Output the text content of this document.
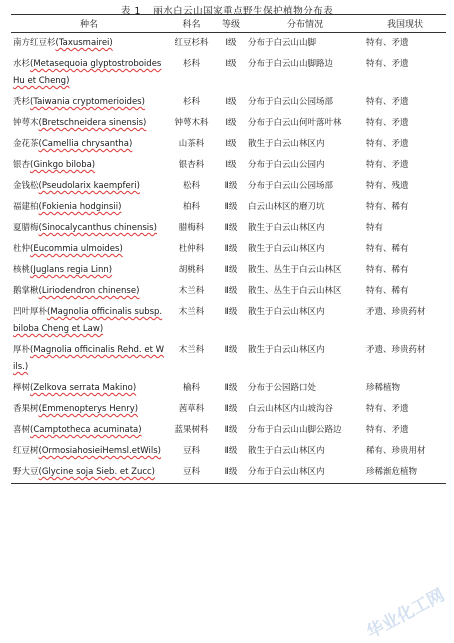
表 1 丽水白云山国家重点野生保护植物分布表
种名	科名	等级	分布情况	我国现状
南方红豆杉(Taxusmairei)	红豆杉科	Ⅰ级	分布于白云山山脚	特有、矛遗
水杉(Metasequoia glyptostroboides Hu et Cheng)	杉科	Ⅰ级	分布于白云山山脚路边	特有、矛遗
秃杉(Taiwania cryptomerioides)	杉科	Ⅰ级	分布于白云山公园场部	特有、矛遗
钟萼木(Bretschneidera sinensis)	钟萼木科	Ⅰ级	分布于白云山何叶落叶林	特有、矛遗
金花茶(Camellia chrysantha)	山茶科	Ⅰ级	散生于白云山林区内	特有、矛遗
银杏(Ginkgo biloba)	银杏科	Ⅰ级	分布于白云山公园内	特有、矛遗
金钱松(Pseudolarix kaempferi)	松科	Ⅱ级	分布于白云山公园场部	特有、残遗
福建柏(Fokienia hodginsii)	柏科	Ⅱ级	白云山林区的磨刀坑	特有、稀有
夏腊梅(Sinocalycanthus chinensis)	腊梅科	Ⅱ级	散生于白云山林区内	特有
杜仲(Eucommia ulmoides)	杜仲科	Ⅱ级	散生于白云山林区内	特有、稀有
核桃(Juglans regia Linn)	胡桃科	Ⅱ级	散生、丛生于白云山林区	特有、稀有
鹅掌楸(Liriodendron chinense)	木兰科	Ⅱ级	散生、丛生于白云山林区	特有、稀有
凹叶厚朴(Magnolia officinalis subsp. biloba Cheng et Law)	木兰科	Ⅱ级	散生于白云山林区内	矛遗、珍贵药材
厚朴(Magnolia officinalis Rehd. et Wils.)	木兰科	Ⅱ级	散生于白云山林区内	矛遗、珍贵药材
榉树(Zelkova serrata Makino)	榆科	Ⅱ级	分布于公园路口处	珍稀植物
香果树(Emmenopterys Henry)	茜草科	Ⅱ级	白云山林区内山坡沟谷	特有、矛遗
喜树(Camptotheca acuminata)	蓝果树科	Ⅱ级	分布于白云山山脚公路边	特有、矛遗
红豆树(OrmosiahosieiHemsl.etWils)	豆科	Ⅱ级	散生于白云山林区内	稀有、珍贵用材
野大豆(Glycine soja Sieb. et Zucc)	豆科	Ⅱ级	分布于白云山林区内	珍稀渐危植物
华业化工网
